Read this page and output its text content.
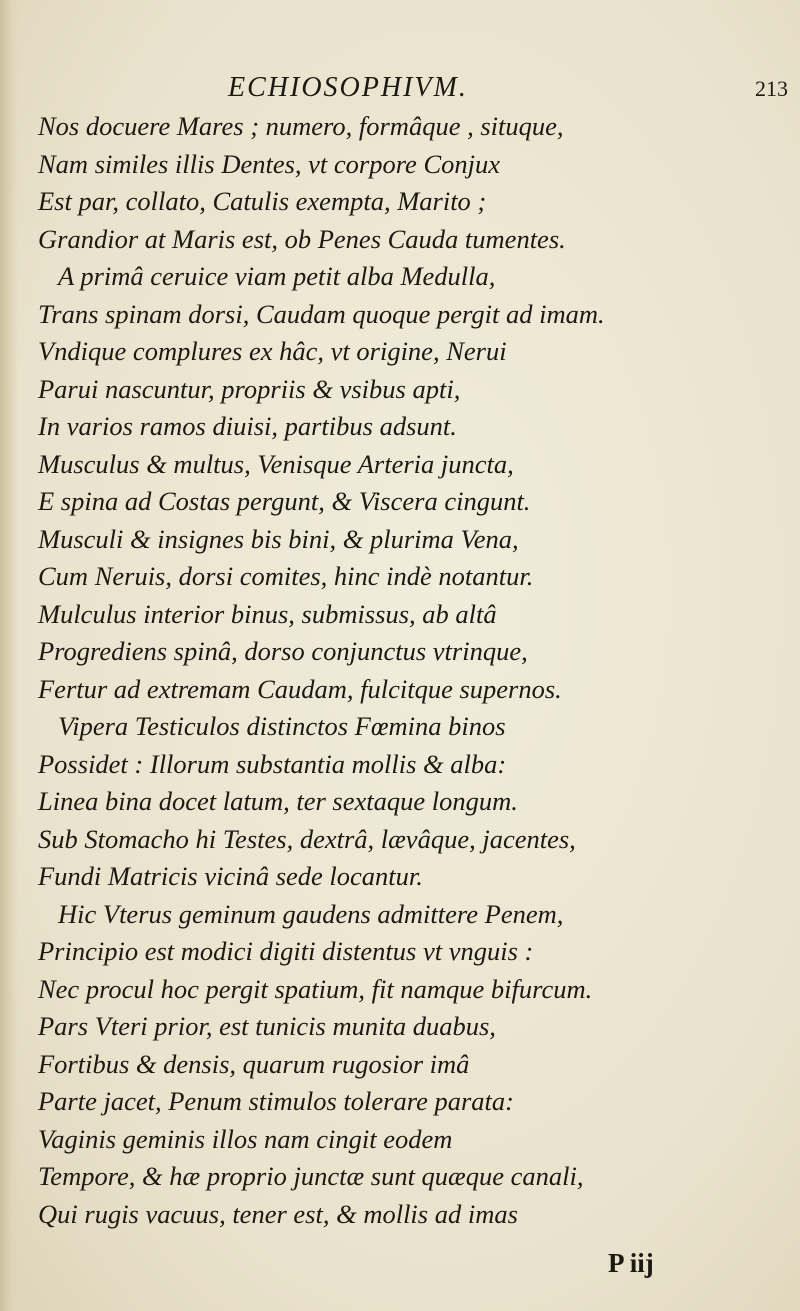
ECHIOSOPHIVM.	213
Nos docuere Mares ; numero, formâque , situque,
Nam similes illis Dentes, vt corpore Conjux
Est par, collato, Catulis exempta, Marito ;
Grandior at Maris est, ob Penes Cauda tumentes.
A primâ ceruice viam petit alba Medulla,
Trans spinam dorsi, Caudam quoque pergit ad imam.
Vndique complures ex hâc, vt origine, Nerui
Parui nascuntur, propriis & vsibus apti,
In varios ramos diuisi, partibus adsunt.
Musculus & multus, Venisque Arteria juncta,
E spina ad Costas pergunt, & Viscera cingunt.
Musculi & insignes bis bini, & plurima Vena,
Cum Neruis, dorsi comites, hinc indè notantur.
Mulculus interior binus, submissus, ab altâ
Progrediens spinâ, dorso conjunctus vtrinque,
Fertur ad extremam Caudam, fulcitque supernos.
Vipera Testiculos distinctos Fœmina binos
Possidet : Illorum substantia mollis & alba:
Linea bina docet latum, ter sextaque longum.
Sub Stomacho hi Testes, dextrâ, lævâque, jacentes,
Fundi Matricis vicinâ sede locantur.
Hic Vterus geminum gaudens admittere Penem,
Principio est modici digiti distentus vt vnguis :
Nec procul hoc pergit spatium, fit namque bifurcum.
Pars Vteri prior, est tunicis munita duabus,
Fortibus & densis, quarum rugosior imâ
Parte jacet, Penum stimulos tolerare parata:
Vaginis geminis illos nam cingit eodem
Tempore, & hæ proprio junctæ sunt quæque canali,
Qui rugis vacuus, tener est, & mollis ad imas
P iij
